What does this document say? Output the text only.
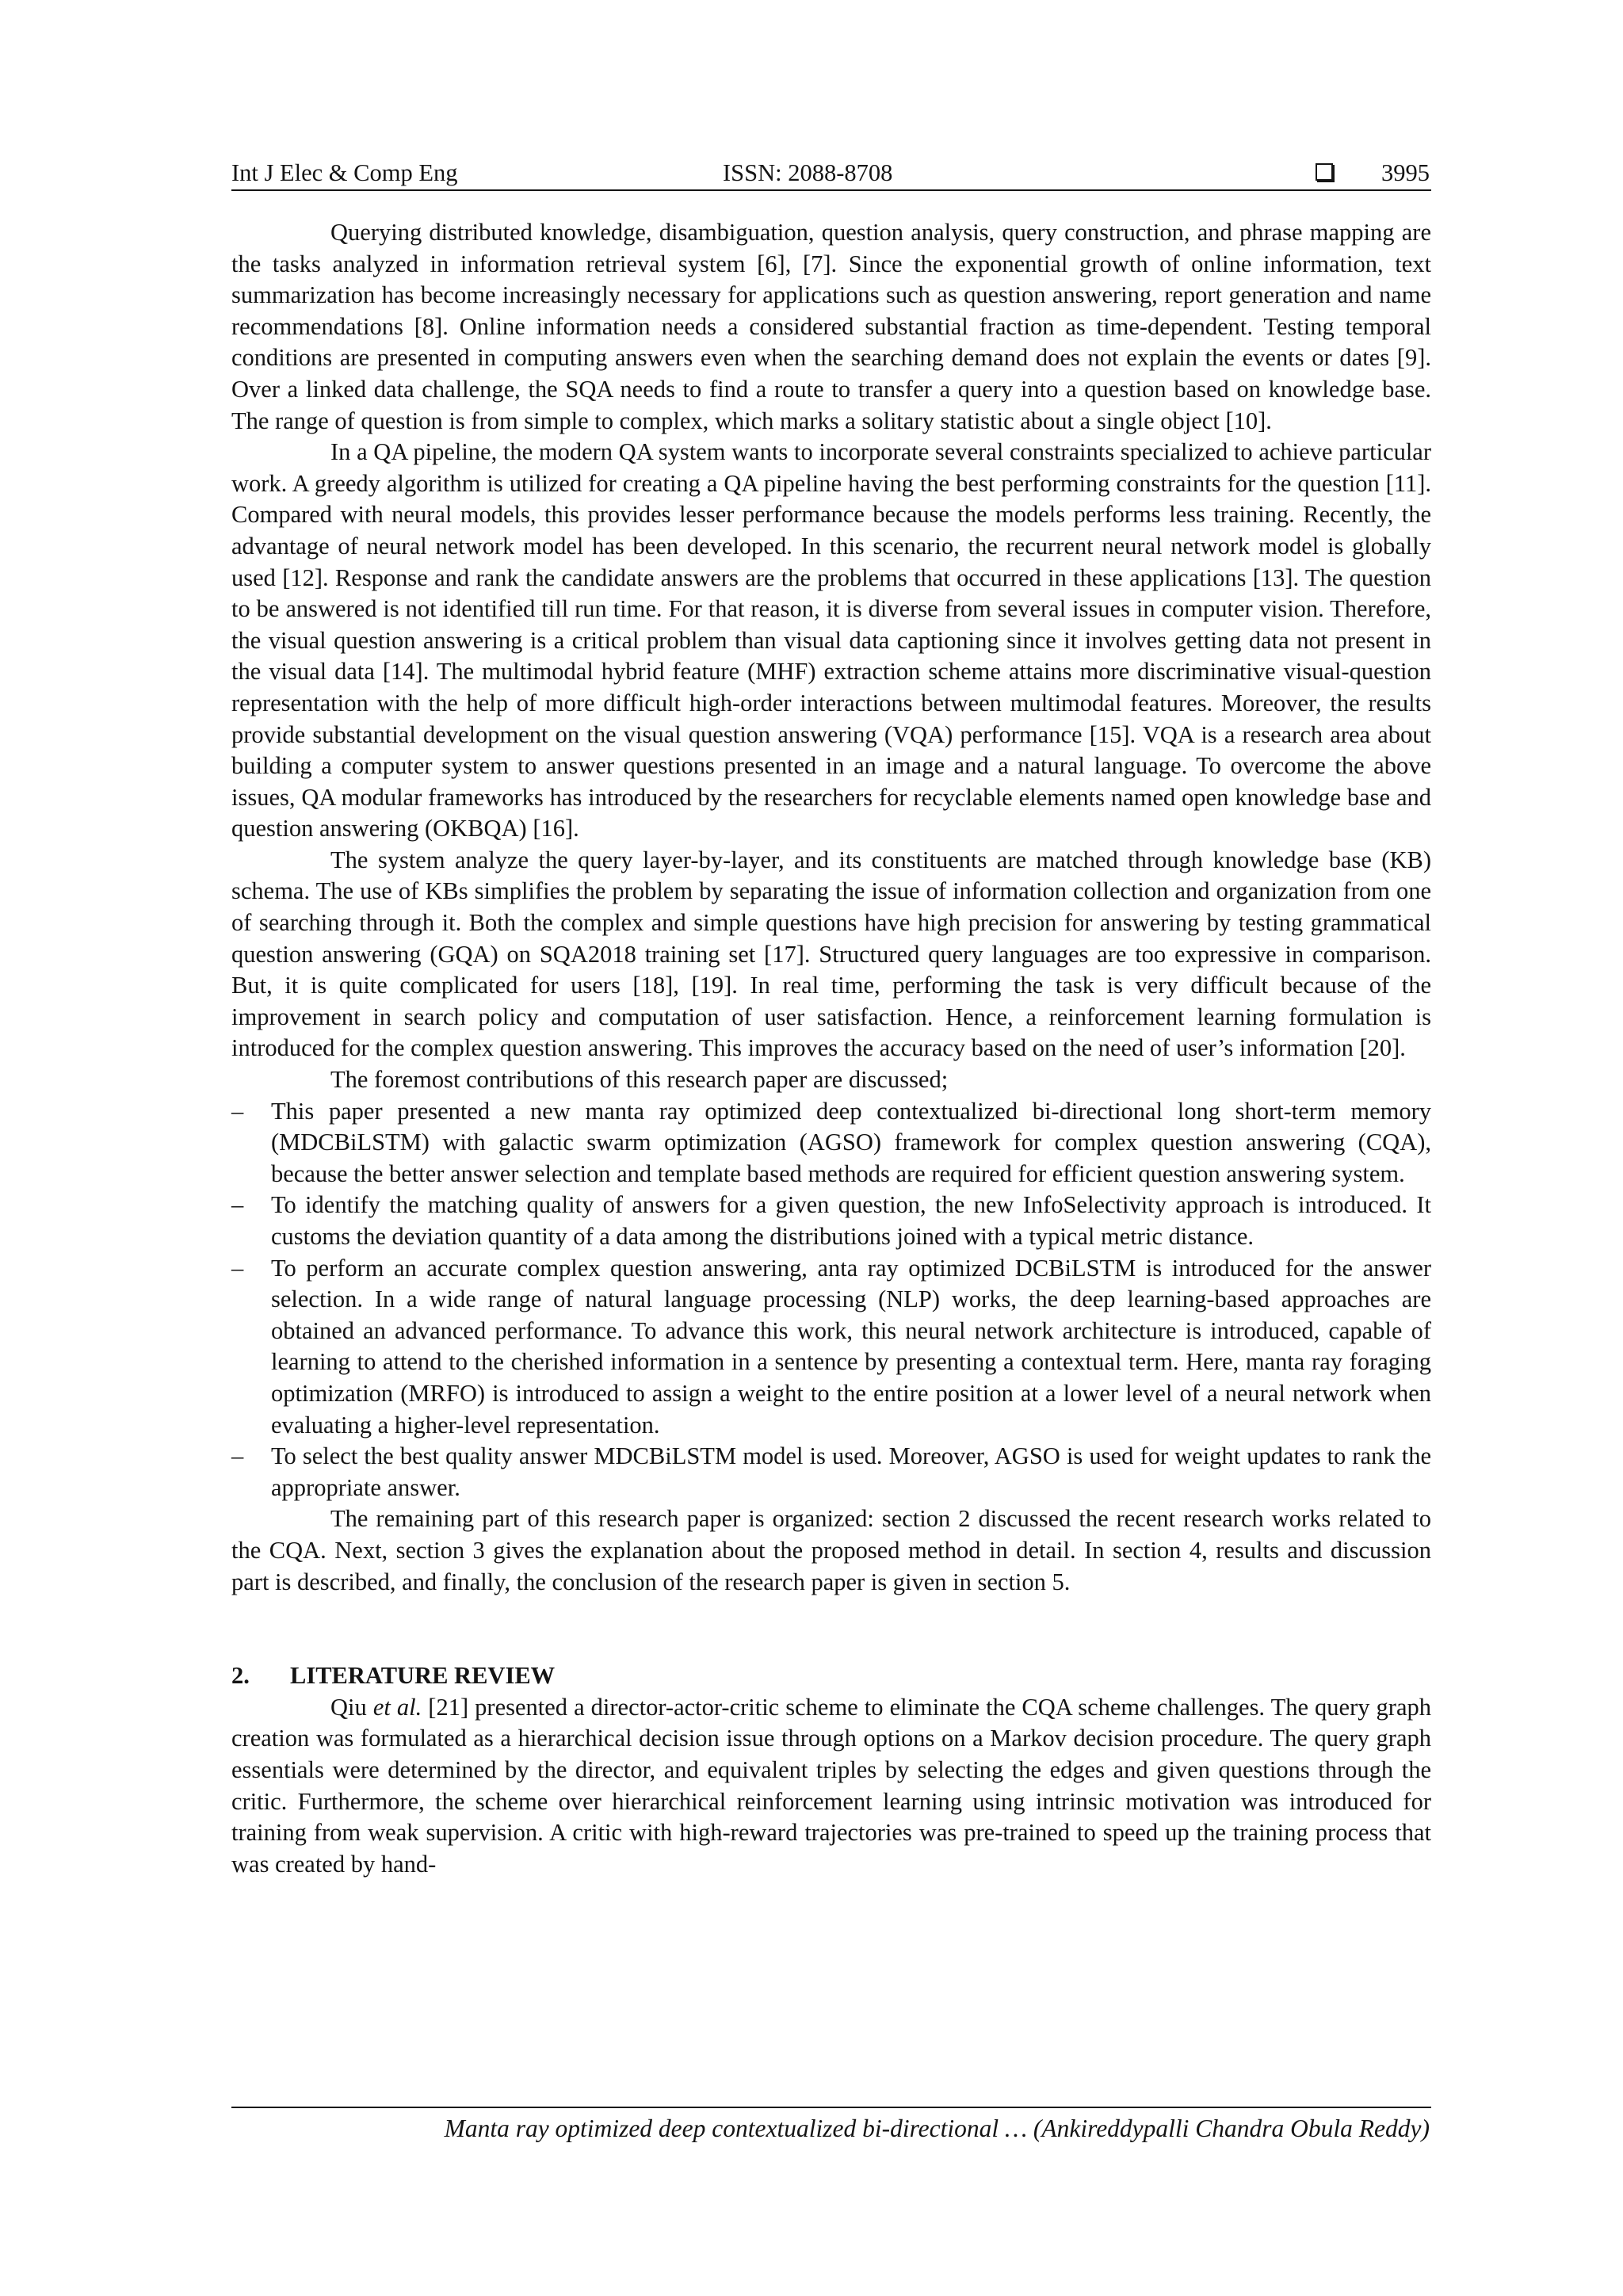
Int J Elec & Comp Eng	ISSN: 2088-8708	3995

Querying distributed knowledge, disambiguation, question analysis, query construction, and phrase mapping are the tasks analyzed in information retrieval system [6], [7]. Since the exponential growth of online information, text summarization has become increasingly necessary for applications such as question answering, report generation and name recommendations [8]. Online information needs a considered substantial fraction as time-dependent. Testing temporal conditions are presented in computing answers even when the searching demand does not explain the events or dates [9]. Over a linked data challenge, the SQA needs to find a route to transfer a query into a question based on knowledge base. The range of question is from simple to complex, which marks a solitary statistic about a single object [10].

In a QA pipeline, the modern QA system wants to incorporate several constraints specialized to achieve particular work. A greedy algorithm is utilized for creating a QA pipeline having the best performing constraints for the question [11]. Compared with neural models, this provides lesser performance because the models performs less training. Recently, the advantage of neural network model has been developed. In this scenario, the recurrent neural network model is globally used [12]. Response and rank the candidate answers are the problems that occurred in these applications [13]. The question to be answered is not identified till run time. For that reason, it is diverse from several issues in computer vision. Therefore, the visual question answering is a critical problem than visual data captioning since it involves getting data not present in the visual data [14]. The multimodal hybrid feature (MHF) extraction scheme attains more discriminative visual-question representation with the help of more difficult high-order interactions between multimodal features. Moreover, the results provide substantial development on the visual question answering (VQA) performance [15]. VQA is a research area about building a computer system to answer questions presented in an image and a natural language. To overcome the above issues, QA modular frameworks has introduced by the researchers for recyclable elements named open knowledge base and question answering (OKBQA) [16].

The system analyze the query layer-by-layer, and its constituents are matched through knowledge base (KB) schema. The use of KBs simplifies the problem by separating the issue of information collection and organization from one of searching through it. Both the complex and simple questions have high precision for answering by testing grammatical question answering (GQA) on SQA2018 training set [17]. Structured query languages are too expressive in comparison. But, it is quite complicated for users [18], [19]. In real time, performing the task is very difficult because of the improvement in search policy and computation of user satisfaction. Hence, a reinforcement learning formulation is introduced for the complex question answering. This improves the accuracy based on the need of user’s information [20].

The foremost contributions of this research paper are discussed;

– This paper presented a new manta ray optimized deep contextualized bi-directional long short-term memory (MDCBiLSTM) with galactic swarm optimization (AGSO) framework for complex question answering (CQA), because the better answer selection and template based methods are required for efficient question answering system.
– To identify the matching quality of answers for a given question, the new InfoSelectivity approach is introduced. It customs the deviation quantity of a data among the distributions joined with a typical metric distance.
– To perform an accurate complex question answering, anta ray optimized DCBiLSTM is introduced for the answer selection. In a wide range of natural language processing (NLP) works, the deep learning-based approaches are obtained an advanced performance. To advance this work, this neural network architecture is introduced, capable of learning to attend to the cherished information in a sentence by presenting a contextual term. Here, manta ray foraging optimization (MRFO) is introduced to assign a weight to the entire position at a lower level of a neural network when evaluating a higher-level representation.
– To select the best quality answer MDCBiLSTM model is used. Moreover, AGSO is used for weight updates to rank the appropriate answer.

The remaining part of this research paper is organized: section 2 discussed the recent research works related to the CQA. Next, section 3 gives the explanation about the proposed method in detail. In section 4, results and discussion part is described, and finally, the conclusion of the research paper is given in section 5.

2. LITERATURE REVIEW

Qiu et al. [21] presented a director-actor-critic scheme to eliminate the CQA scheme challenges. The query graph creation was formulated as a hierarchical decision issue through options on a Markov decision procedure. The query graph essentials were determined by the director, and equivalent triples by selecting the edges and given questions through the critic. Furthermore, the scheme over hierarchical reinforcement learning using intrinsic motivation was introduced for training from weak supervision. A critic with high-reward trajectories was pre-trained to speed up the training process that was created by hand-

Manta ray optimized deep contextualized bi-directional … (Ankireddypalli Chandra Obula Reddy)
